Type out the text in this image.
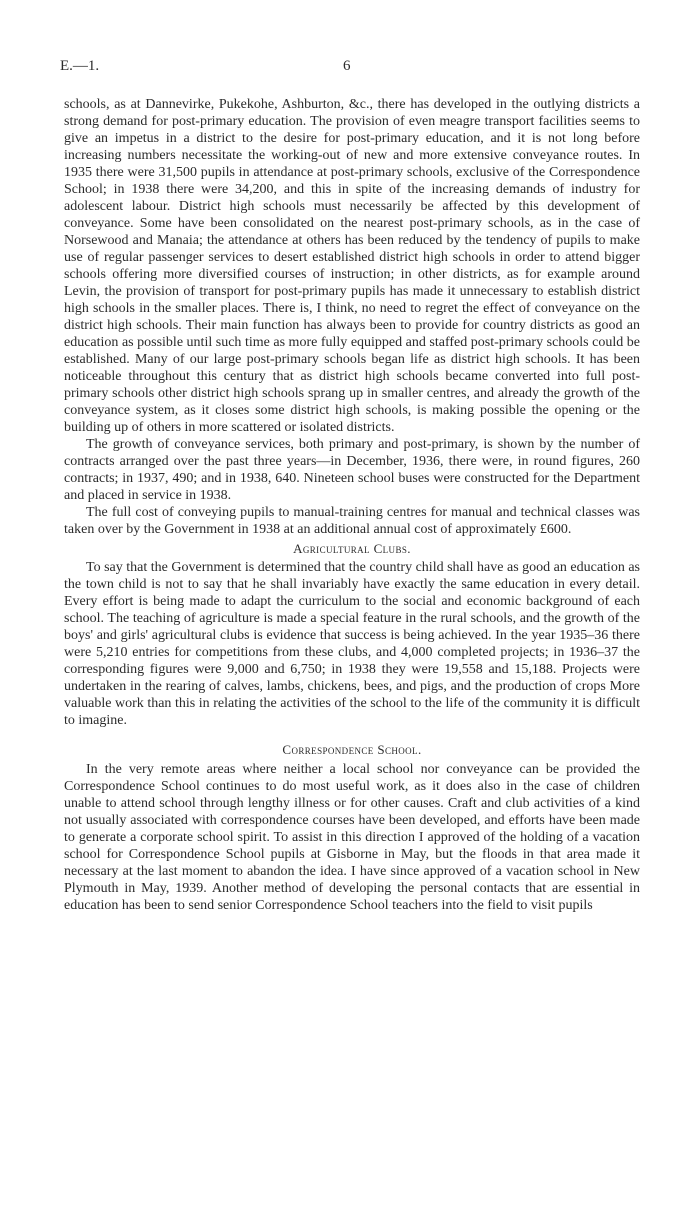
E.—1.	6

schools, as at Dannevirke, Pukekohe, Ashburton, &c., there has developed in the outlying districts a strong demand for post-primary education. The provision of even meagre transport facilities seems to give an impetus in a district to the desire for post-primary education, and it is not long before increasing numbers necessitate the working-out of new and more extensive conveyance routes. In 1935 there were 31,500 pupils in attendance at post-primary schools, exclusive of the Correspondence School; in 1938 there were 34,200, and this in spite of the increasing demands of industry for adolescent labour. District high schools must necessarily be affected by this development of conveyance. Some have been consolidated on the nearest post-primary schools, as in the case of Norsewood and Manaia; the attendance at others has been reduced by the tendency of pupils to make use of regular passenger services to desert established district high schools in order to attend bigger schools offering more diversified courses of instruction; in other districts, as for example around Levin, the provision of transport for post-primary pupils has made it unnecessary to establish district high schools in the smaller places. There is, I think, no need to regret the effect of conveyance on the district high schools. Their main function has always been to provide for country districts as good an education as possible until such time as more fully equipped and staffed post-primary schools could be established. Many of our large post-primary schools began life as district high schools. It has been noticeable throughout this century that as district high schools became converted into full post-primary schools other district high schools sprang up in smaller centres, and already the growth of the conveyance system, as it closes some district high schools, is making possible the opening or the building up of others in more scattered or isolated districts.

The growth of conveyance services, both primary and post-primary, is shown by the number of contracts arranged over the past three years—in December, 1936, there were, in round figures, 260 contracts; in 1937, 490; and in 1938, 640. Nineteen school buses were constructed for the Department and placed in service in 1938.

The full cost of conveying pupils to manual-training centres for manual and technical classes was taken over by the Government in 1938 at an additional annual cost of approximately £600.

Agricultural Clubs.

To say that the Government is determined that the country child shall have as good an education as the town child is not to say that he shall invariably have exactly the same education in every detail. Every effort is being made to adapt the curriculum to the social and economic background of each school. The teaching of agriculture is made a special feature in the rural schools, and the growth of the boys' and girls' agricultural clubs is evidence that success is being achieved. In the year 1935–36 there were 5,210 entries for competitions from these clubs, and 4,000 completed projects; in 1936–37 the corresponding figures were 9,000 and 6,750; in 1938 they were 19,558 and 15,188. Projects were undertaken in the rearing of calves, lambs, chickens, bees, and pigs, and the production of crops More valuable work than this in relating the activities of the school to the life of the community it is difficult to imagine.

Correspondence School.

In the very remote areas where neither a local school nor conveyance can be provided the Correspondence School continues to do most useful work, as it does also in the case of children unable to attend school through lengthy illness or for other causes. Craft and club activities of a kind not usually associated with correspondence courses have been developed, and efforts have been made to generate a corporate school spirit. To assist in this direction I approved of the holding of a vacation school for Correspondence School pupils at Gisborne in May, but the floods in that area made it necessary at the last moment to abandon the idea. I have since approved of a vacation school in New Plymouth in May, 1939. Another method of developing the personal contacts that are essential in education has been to send senior Correspondence School teachers into the field to visit pupils
